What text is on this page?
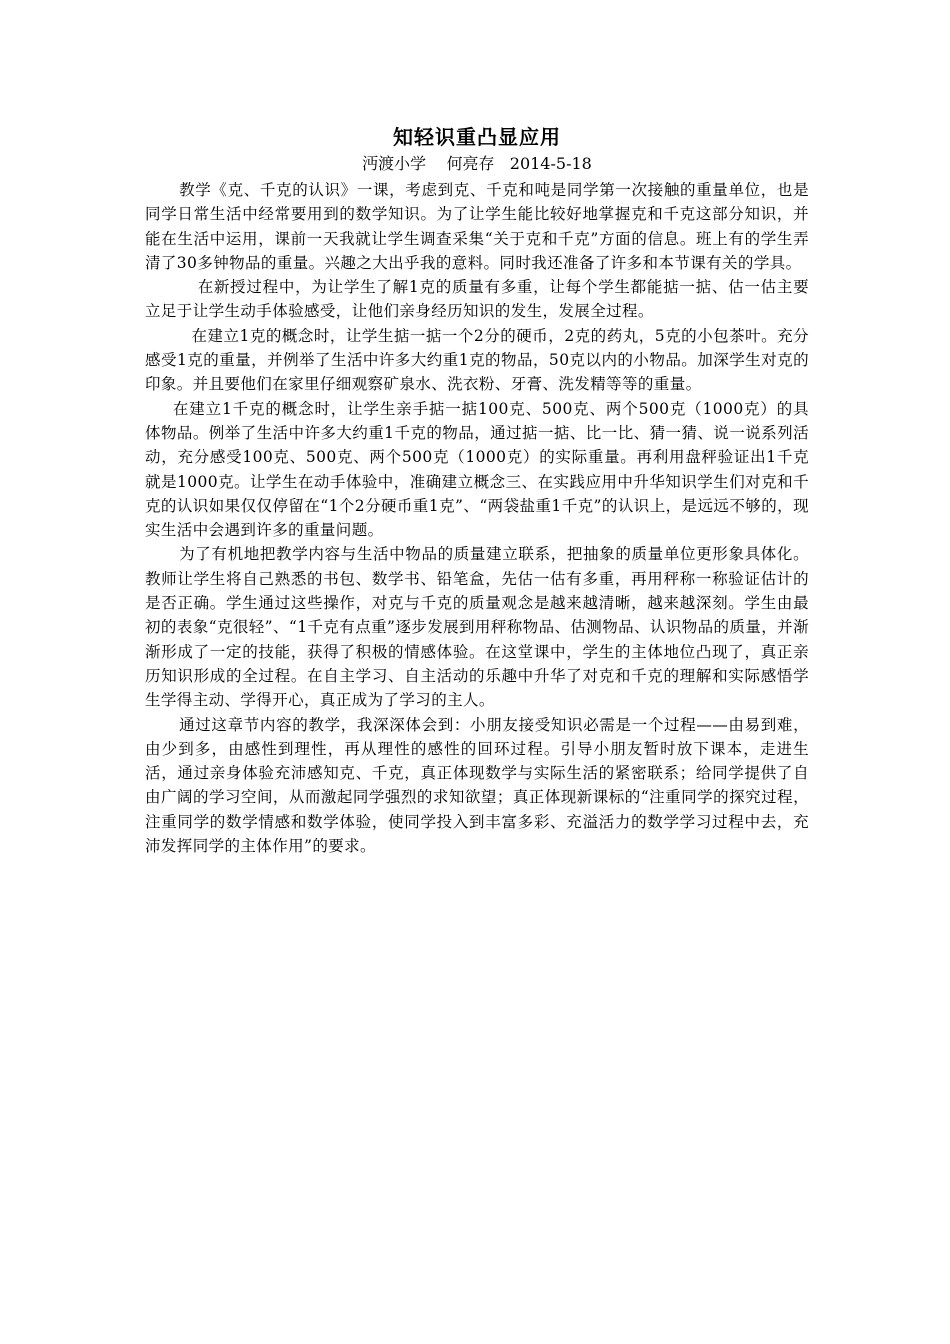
知轻识重凸显应用

沔渡小学    何亮存   2014-5-18

教学《克、千克的认识》一课，考虑到克、千克和吨是同学第一次接触的重量单位，也是同学日常生活中经常要用到的数学知识。为了让学生能比较好地掌握克和千克这部分知识，并能在生活中运用，课前一天我就让学生调查采集“关于克和千克”方面的信息。班上有的学生弄清了30多钟物品的重量。兴趣之大出乎我的意料。同时我还准备了许多和本节课有关的学具。

在新授过程中，为让学生了解1克的质量有多重，让每个学生都能掂一掂、估一估主要立足于让学生动手体验感受，让他们亲身经历知识的发生，发展全过程。

在建立1克的概念时，让学生掂一掂一个2分的硬币，2克的药丸，5克的小包茶叶。充分感受1克的重量，并例举了生活中许多大约重1克的物品，50克以内的小物品。加深学生对克的印象。并且要他们在家里仔细观察矿泉水、洗衣粉、牙膏、洗发精等等的重量。

在建立1千克的概念时，让学生亲手掂一掂100克、500克、两个500克（1000克）的具体物品。例举了生活中许多大约重1千克的物品，通过掂一掂、比一比、猜一猜、说一说系列活动，充分感受100克、500克、两个500克（1000克）的实际重量。再利用盘秤验证出1千克就是1000克。让学生在动手体验中，准确建立概念三、在实践应用中升华知识学生们对克和千克的认识如果仅仅停留在“1个2分硬币重1克”、“两袋盐重1千克”的认识上，是远远不够的，现实生活中会遇到许多的重量问题。

为了有机地把教学内容与生活中物品的质量建立联系，把抽象的质量单位更形象具体化。教师让学生将自己熟悉的书包、数学书、铅笔盒，先估一估有多重，再用秤称一称验证估计的是否正确。学生通过这些操作，对克与千克的质量观念是越来越清晰，越来越深刻。学生由最初的表象“克很轻”、“1千克有点重”逐步发展到用秤称物品、估测物品、认识物品的质量，并渐渐形成了一定的技能，获得了积极的情感体验。在这堂课中，学生的主体地位凸现了，真正亲历知识形成的全过程。在自主学习、自主活动的乐趣中升华了对克和千克的理解和实际感悟学生学得主动、学得开心，真正成为了学习的主人。

通过这章节内容的教学，我深深体会到：小朋友接受知识必需是一个过程——由易到难，由少到多，由感性到理性，再从理性的感性的回环过程。引导小朋友暂时放下课本，走进生活，通过亲身体验充沛感知克、千克，真正体现数学与实际生活的紧密联系；给同学提供了自由广阔的学习空间，从而激起同学强烈的求知欲望；真正体现新课标的“注重同学的探究过程，注重同学的数学情感和数学体验，使同学投入到丰富多彩、充溢活力的数学学习过程中去，充沛发挥同学的主体作用”的要求。
